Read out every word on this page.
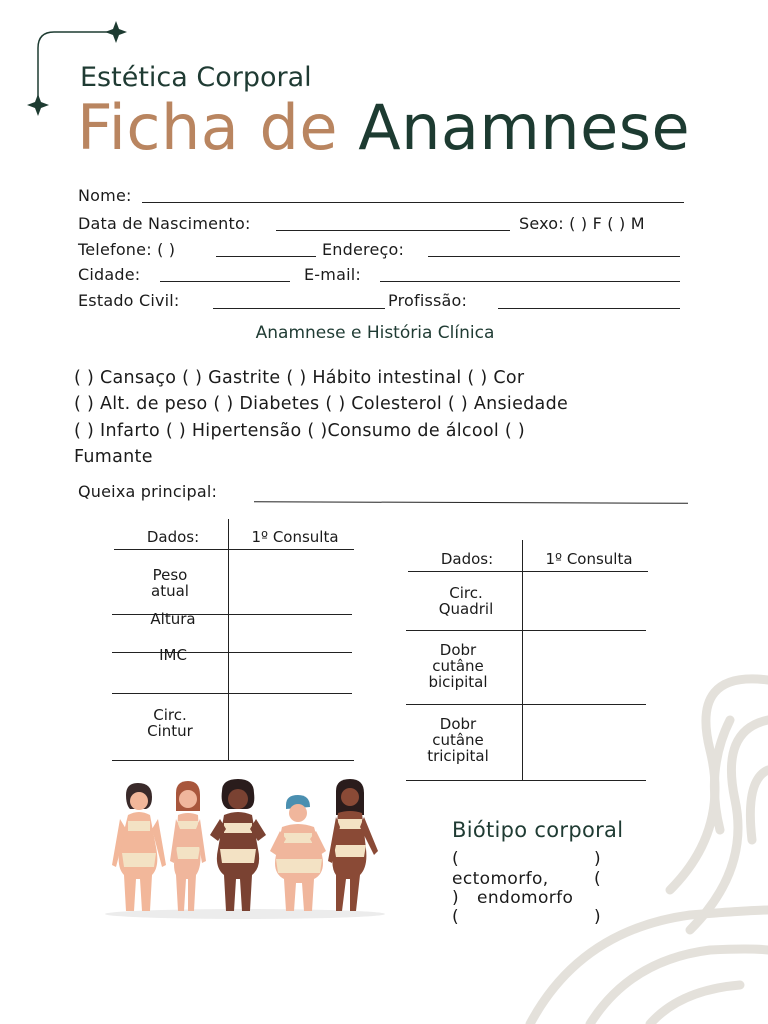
Estética Corporal
Ficha de Anamnese
Nome:
Data de Nascimento:	Sexo: ( ) F ( ) M
Telefone: ( )	Endereço:
Cidade:	E-mail:
Estado Civil:	Profissão:
Anamnese e História Clínica
( ) Cansaço ( ) Gastrite ( ) Hábito intestinal ( ) Cor
( ) Alt. de peso ( ) Diabetes ( ) Colesterol ( ) Ansiedade
( ) Infarto ( ) Hipertensão ( )Consumo de álcool ( )
Fumante
Queixa principal:
Dados:	1º Consulta
Peso atual
Altura
IMC
Circ. Cintur
Dados:	1º Consulta
Circ. Quadril
Dobr cutâne bicipital
Dobr cutâne tricipital
Biótipo corporal
(	)
ectomorfo,	(
) endomorfo
(	)
